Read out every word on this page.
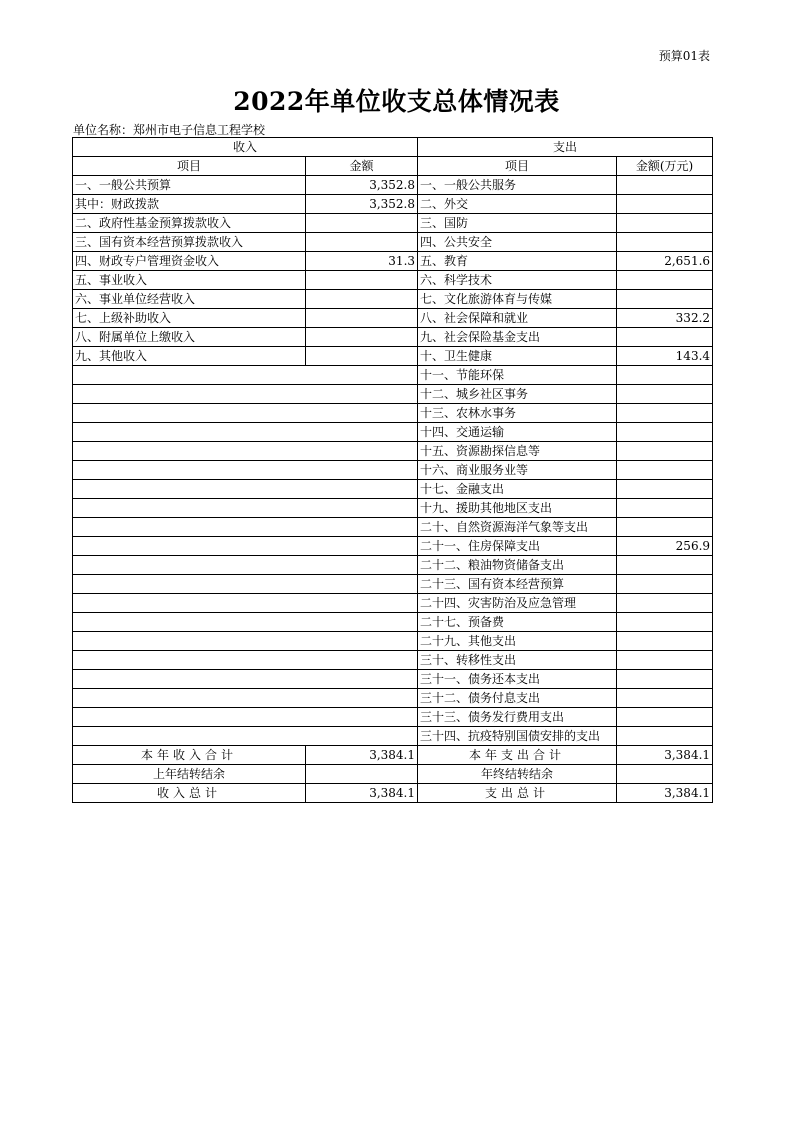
预算01表
2022年单位收支总体情况表
单位名称：郑州市电子信息工程学校
收入		支出	
项目	金额	项目	金额(万元)
一、一般公共预算	3,352.8	一、一般公共服务	
其中：财政拨款	3,352.8	二、外交	
二、政府性基金预算拨款收入		三、国防	
三、国有资本经营预算拨款收入		四、公共安全	
四、财政专户管理资金收入	31.3	五、教育	2,651.6
五、事业收入		六、科学技术	
六、事业单位经营收入		七、文化旅游体育与传媒	
七、上级补助收入		八、社会保障和就业	332.2
八、附属单位上缴收入		九、社会保险基金支出	
九、其他收入		十、卫生健康	143.4
		十一、节能环保	
		十二、城乡社区事务	
		十三、农林水事务	
		十四、交通运输	
		十五、资源勘探信息等	
		十六、商业服务业等	
		十七、金融支出	
		十九、援助其他地区支出	
		二十、自然资源海洋气象等支出	
		二十一、住房保障支出	256.9
		二十二、粮油物资储备支出	
		二十三、国有资本经营预算	
		二十四、灾害防治及应急管理	
		二十七、预备费	
		二十九、其他支出	
		三十、转移性支出	
		三十一、债务还本支出	
		三十二、债务付息支出	
		三十三、债务发行费用支出	
		三十四、抗疫特别国债安排的支出	
本年收入合计	3,384.1	本年支出合计	3,384.1
上年结转结余		年终结转结余	
收入总计	3,384.1	支出总计	3,384.1
